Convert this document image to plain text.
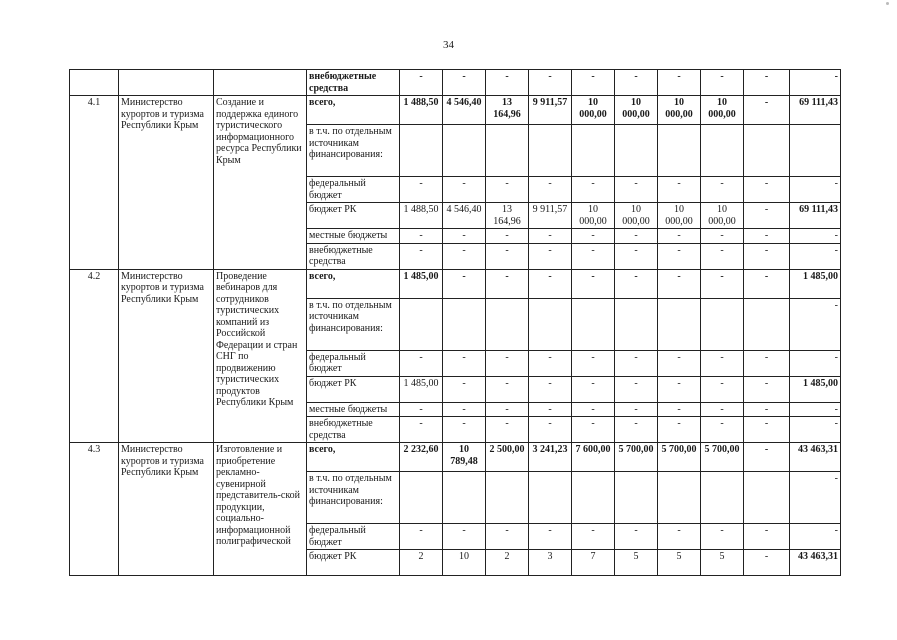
34
			внебюджетные средства	-	-	-	-	-	-	-	-	-	-
4.1	Министерство курортов и туризма Республики Крым	Создание и поддержка единого туристического информационного ресурса Республики Крым	всего,	1 488,50	4 546,40	13 164,96	9 911,57	10 000,00	10 000,00	10 000,00	10 000,00	-	69 111,43
			в т.ч. по отдельным источникам финансирования:										
			федеральный бюджет	-	-	-	-	-	-	-	-	-	-
			бюджет РК	1 488,50	4 546,40	13 164,96	9 911,57	10 000,00	10 000,00	10 000,00	10 000,00	-	69 111,43
			местные бюджеты	-	-	-	-	-	-	-	-	-	-
			внебюджетные средства	-	-	-	-	-	-	-	-	-	-
4.2	Министерство курортов и туризма Республики Крым	Проведение вебинаров для сотрудников туристических компаний из Российской Федерации и стран СНГ по продвижению туристических продуктов Республики Крым	всего,	1 485,00	-	-	-	-	-	-	-	-	1 485,00
			в т.ч. по отдельным источникам финансирования:										-
			федеральный бюджет	-	-	-	-	-	-	-	-	-	-
			бюджет РК	1 485,00	-	-	-	-	-	-	-	-	1 485,00
			местные бюджеты	-	-	-	-	-	-	-	-	-	-
			внебюджетные средства	-	-	-	-	-	-	-	-	-	-
4.3	Министерство курортов и туризма Республики Крым	Изготовление и приобретение рекламно-сувенирной представитель-ской продукции, социально-информационной полиграфической	всего,	2 232,60	10 789,48	2 500,00	3 241,23	7 600,00	5 700,00	5 700,00	5 700,00	-	43 463,31
			в т.ч. по отдельным источникам финансирования:										-
			федеральный бюджет	-	-	-	-	-	-	-	-	-	-
			бюджет РК	2	10	2	3	7	5	5	5	-	43 463,31
